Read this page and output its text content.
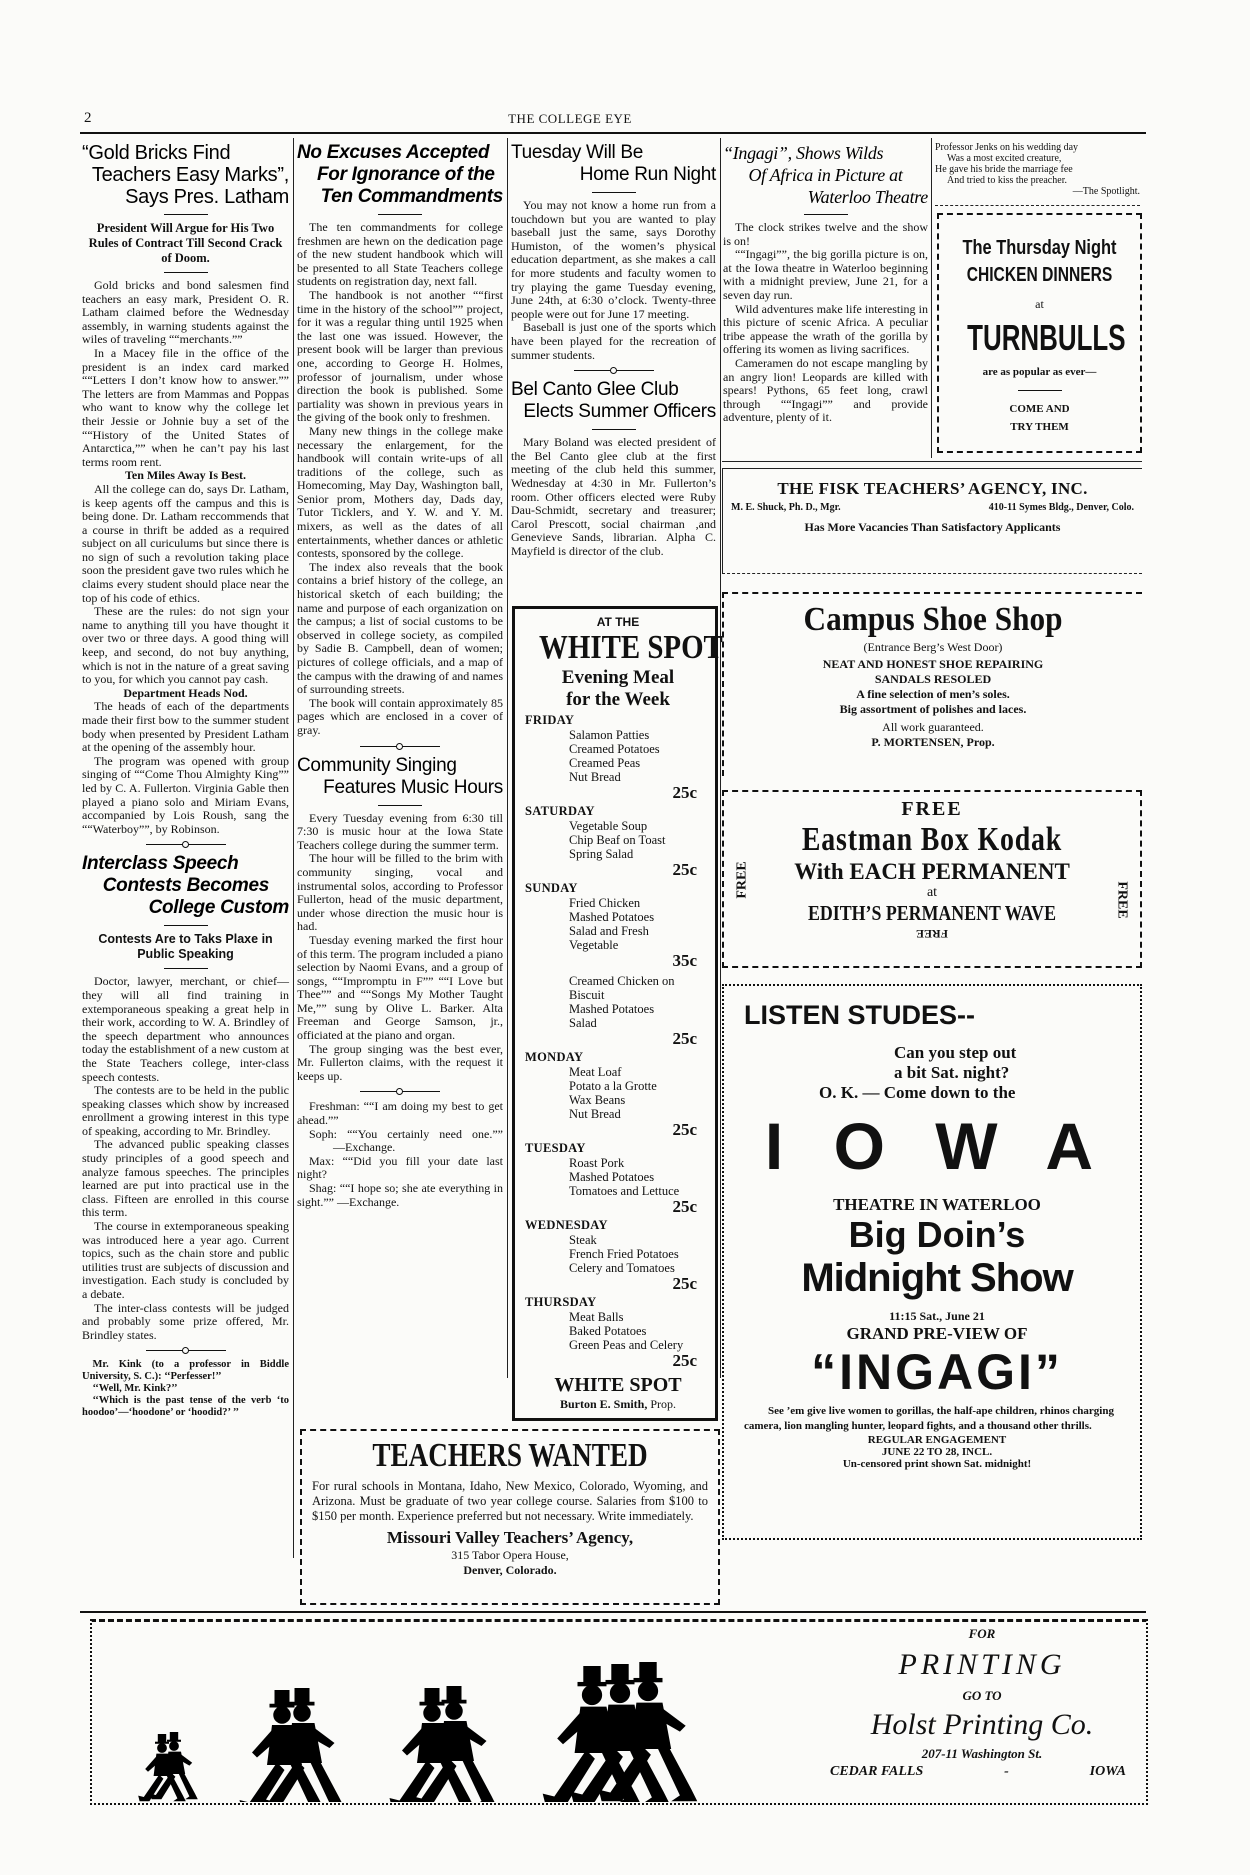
2	THE COLLEGE EYE
“Gold Bricks Find
Teachers Easy Marks”,
Says Pres. Latham
President Will Argue for His Two Rules of Contract Till Second Crack of Doom.

Gold bricks and bond salesmen find teachers an easy mark, President O. R. Latham claimed before the Wednesday assembly, in warning students against the wiles of traveling ““merchants.””

In a Macey file in the office of the president is an index card marked ““Letters I don’t know how to answer.”” The letters are from Mammas and Poppas who want to know why the college let their Jessie or Johnie buy a set of the ““History of the United States of Antarctica,”” when he can’t pay his last terms room rent.

Ten Miles Away Is Best.

All the college can do, says Dr. Latham, is keep agents off the campus and this is being done. Dr. Latham reccommends that a course in thrift be added as a required subject on all curiculums but since there is no sign of such a revolution taking place soon the president gave two rules which he claims every student should place near the top of his code of ethics.

These are the rules: do not sign your name to anything till you have thought it over two or three days. A good thing will keep, and second, do not buy anything, which is not in the nature of a great saving to you, for which you cannot pay cash.

Department Heads Nod.

The heads of each of the departments made their first bow to the summer student body when presented by President Latham at the opening of the assembly hour.

The program was opened with group singing of ““Come Thou Almighty King”” led by C. A. Fullerton. Virginia Gable then played a piano solo and Miriam Evans, accompanied by Lois Roush, sang the ““Waterboy””, by Robinson.

Interclass Speech
Contests Becomes
College Custom
Contests Are to Taks Plaxe in Public Speaking

Doctor, lawyer, merchant, or chief—they will all find training in extemporaneous speaking a great help in their work, according to W. A. Brindley of the speech department who announces today the establishment of a new custom at the State Teachers college, inter-class speech contests.

The contests are to be held in the public speaking classes which show by increased enrollment a growing interest in this type of speaking, according to Mr. Brindley.

The advanced public speaking classes study principles of a good speech and analyze famous speeches. The principles learned are put into practical use in the class. Fifteen are enrolled in this course this term.

The course in extemporaneous speaking was introduced here a year ago. Current topics, such as the chain store and public utilities trust are subjects of discussion and investigation. Each study is concluded by a debate.

The inter-class contests will be judged and probably some prize offered, Mr. Brindley states.

Mr. Kink (to a professor in Biddle University, S. C.): ‘‘Perfesser!’’

‘‘Well, Mr. Kink?’’

‘‘Which is the past tense of the verb ‘to hoodoo’—‘hoodone’ or ‘hoodid?’ ’’

No Excuses Accepted
For Ignorance of the
Ten Commandments

The ten commandments for college freshmen are hewn on the dedication page of the new student handbook which will be presented to all State Teachers college students on registration day, next fall.

The handbook is not another ““first time in the history of the school”” project, for it was a regular thing until 1925 when the last one was issued. However, the present book will be larger than previous one, according to George H. Holmes, professor of journalism, under whose direction the book is published. Some partiality was shown in previous years in the giving of the book only to freshmen.

Many new things in the college make necessary the enlargement, for the handbook will contain write-ups of all traditions of the college, such as Homecoming, May Day, Washington ball, Senior prom, Mothers day, Dads day, Tutor Ticklers, and Y. W. and Y. M. mixers, as well as the dates of all entertainments, whether dances or athletic contests, sponsored by the college.

The index also reveals that the book contains a brief history of the college, an historical sketch of each building; the name and purpose of each organization on the campus; a list of social customs to be observed in college society, as compiled by Sadie B. Campbell, dean of women; pictures of college officials, and a map of the campus with the drawing of and names of surrounding streets.

The book will contain approximately 85 pages which are enclosed in a cover of gray.

Community Singing
Features Music Hours

Every Tuesday evening from 6:30 till 7:30 is music hour at the Iowa State Teachers college during the summer term.

The hour will be filled to the brim with community singing, vocal and instrumental solos, according to Professor Fullerton, head of the music department, under whose direction the music hour is had.

Tuesday evening marked the first hour of this term. The program included a piano selection by Naomi Evans, and a group of songs, ““Impromptu in F”” ““I Love but Thee”” and ““Songs My Mother Taught Me,”” sung by Olive L. Barker. Alta Freeman and George Samson, jr., officiated at the piano and organ.

The group singing was the best ever, Mr. Fullerton claims, with the request it keeps up.

Freshman: ““I am doing my best to get ahead.””

Soph: ““You certainly need one.””    —Exchange.

Max: ““Did you fill your date last night?

Shag: ““I hope so; she ate everything in sight.”” —Exchange.

Tuesday Will Be
Home Run Night

You may not know a home run from a touchdown but you are wanted to play baseball just the same, says Dorothy Humiston, of the women’s physical education department, as she makes a call for more students and faculty women to try playing the game Tuesday evening, June 24th, at 6:30 o’clock. Twenty-three people were out for June 17 meeting.

Baseball is just one of the sports which have been played for the recreation of summer students.

Bel Canto Glee Club
Elects Summer Officers

Mary Boland was elected president of the Bel Canto glee club at the first meeting of the club held this summer, Wednesday at 4:30 in Mr. Fullerton’s room. Other officers elected were Ruby Dau-Schmidt, secretary and treasurer; Carol Prescott, social chairman ,and Genevieve Sands, librarian. Alpha C. Mayfield is director of the club.

AT THE
WHITE SPOT
Evening Meal
for the Week
FRIDAY
Salamon Patties
Creamed Potatoes
Creamed Peas
Nut Bread
25c
SATURDAY
Vegetable Soup
Chip Beaf on Toast
Spring Salad
25c
SUNDAY
Fried Chicken
Mashed Potatoes
Salad and Fresh
Vegetable
35c
Creamed Chicken on
Biscuit
Mashed Potatoes
Salad
25c
MONDAY
Meat Loaf
Potato a la Grotte
Wax Beans
Nut Bread
25c
TUESDAY
Roast Pork
Mashed Potatoes
Tomatoes and Lettuce
25c
WEDNESDAY
Steak
French Fried Potatoes
Celery and Tomatoes
25c
THURSDAY
Meat Balls
Baked Potatoes
Green Peas and Celery
25c
WHITE SPOT
Burton E. Smith, Prop.
TEACHERS WANTED
For rural schools in Montana, Idaho, New Mexico, Colorado, Wyoming, and Arizona. Must be graduate of two year college course. Salaries from $100 to $150 per month. Experience preferred but not necessary. Write immediately.
Missouri Valley Teachers’ Agency,
315 Tabor Opera House,
Denver, Colorado.
“Ingagi”, Shows Wilds
Of Africa in Picture at
Waterloo Theatre

The clock strikes twelve and the show is on!

““Ingagi””, the big gorilla picture is on, at the Iowa theatre in Waterloo beginning with a midnight preview, June 21, for a seven day run.

Wild adventures make life interesting in this picture of scenic Africa. A peculiar tribe appease the wrath of the gorilla by offering its women as living sacrifices.

Cameramen do not escape mangling by an angry lion! Leopards are killed with spears! Pythons, 65 feet long, crawl through ““Ingagi”” and provide adventure, plenty of it.

Professor Jenks on his wedding day
Was a most excited creature,
He gave his bride the marriage fee
And tried to kiss the preacher.
—The Spotlight.
The Thursday Night
CHICKEN DINNERS
at
TURNBULLS
are as popular as ever—
COME AND
TRY THEM
THE FISK TEACHERS’ AGENCY, INC.
M. E. Shuck, Ph. D., Mgr.	410-11 Symes Bldg., Denver, Colo.
Has More Vacancies Than Satisfactory Applicants
Campus Shoe Shop
(Entrance Berg’s West Door)
NEAT AND HONEST SHOE REPAIRING
SANDALS RESOLED
A fine selection of men’s soles.
Big assortment of polishes and laces.
All work guaranteed.
P. MORTENSEN, Prop.
FREE
Eastman Box Kodak
With EACH PERMANENT
at
EDITH’S PERMANENT WAVE
FREE
FREE
FREE
LISTEN STUDES--
Can you step out
a bit Sat. night?
O. K. — Come down to the
I O W A
THEATRE IN WATERLOO
Big Doin’s
Midnight Show
11:15 Sat., June 21
GRAND PRE-VIEW OF
“INGAGI”
See ’em give live women to gorillas, the half-ape children, rhinos charging camera, lion mangling hunter, leopard fights, and a thousand other thrills.
REGULAR ENGAGEMENT
JUNE 22 TO 28, INCL.
Un-censored print shown Sat. midnight!
FOR
PRINTING
GO TO
Holst Printing Co.
207-11 Washington St.
CEDAR FALLS	-	IOWA
